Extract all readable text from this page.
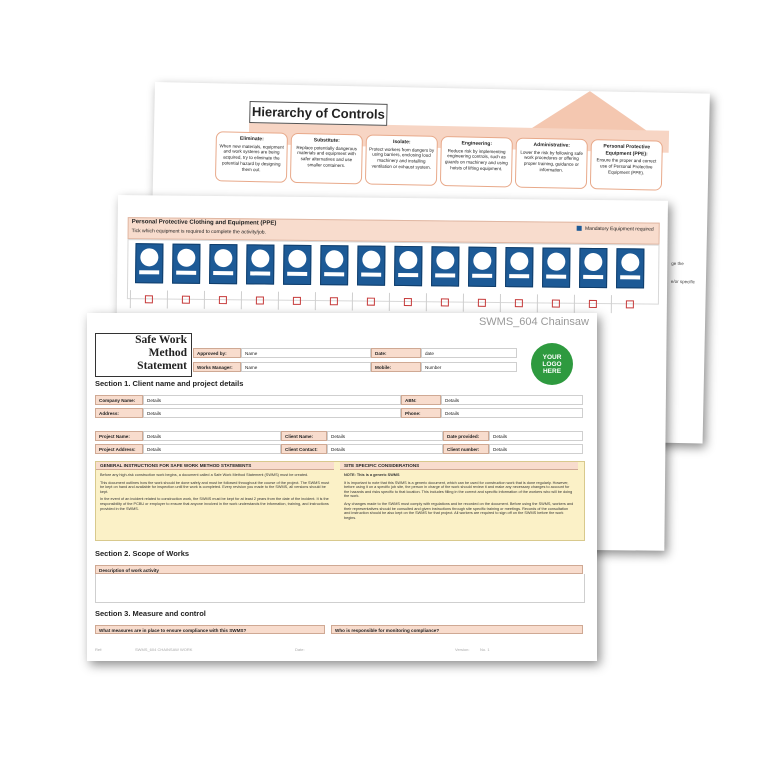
Hierarchy of Controls
Eliminate:
When new materials, equipment and work systems are being acquired, try to eliminate the potential hazard by designing them out.
Substitute:
Replace potentially dangerous materials and equipment with safer alternatives and use smaller containers.
Isolate:
Protect workers from dangers by using barriers, enclosing loud machinery and installing ventilation or exhaust system.
Engineering:
Reduce risk by implementing engineering controls, such as guards on machinery and using hoists of lifting equipment.
Administrative:
Lower the risk by following safe work procedures or offering proper training, guidance or information.
Personal Protective Equipment (PPE):
Ensure the proper and correct use of Personal Protective Equipment (PPE).
ge the
e/or specific
Personal Protective Clothing and Equipment (PPE)
Tick which equipment is required to complete the activity/job.	Mandatory Equipment required
SWMS_604 Chainsaw
Safe Work
Method
Statement
Approved by:	Name	Date:	date
Works Manager:	Name	Mobile:	Number
YOUR
LOGO
HERE
Section 1. Client name and project details
Company Name:	Details	ABN:	Details
Address:	Details	Phone:	Details
Project Name:	Details	Client Name:	Details	Date provided:	Details
Project Address:	Details	Client Contact:	Details	Client number:	Details
GENERAL INSTRUCTIONS FOR SAFE WORK METHOD STATEMENTS

Before any high-risk construction work begins, a document called a Safe Work Method Statement (SWMS) must be created.

This document outlines how the work should be done safely and must be followed throughout the course of the project. The SWMS must be kept on hand and available for inspection until the work is completed. Every revision you made to the SWMS, all versions should be kept.

In the event of an incident related to construction work, the SWMS must be kept for at least 2 years from the date of the incident. It is the responsibility of the PCBU or employer to ensure that anyone involved in the work understands the information, training, and instructions provided in the SWMS.

SITE SPECIFIC CONSIDERATIONS

NOTE: This is a generic SWMS

It is important to note that this SWMS is a generic document, which can be used for construction work that is done regularly. However, before using it on a specific job site, the person in charge of the work should review it and make any necessary changes to account for the hazards and risks specific to that location. This includes filling in the correct and specific information of the workers who will be doing the work.

Any changes made to the SWMS must comply with regulations and be recorded on the document. Before using the SWMS, workers and their representatives should be consulted and given instructions through site specific training or meetings. Records of the consultation and instruction should be also kept on the SWMS for that project. All workers are required to sign off on the SWMS before the work begins.

Section 2. Scope of Works
Description of work activity
Section 3. Measure and control
What measures are in place to ensure compliance with this SWMS?	Who is responsible for monitoring compliance?
Ref:	SWMS_604 CHAINSAW WORK	Date:	Version:	No. 1
